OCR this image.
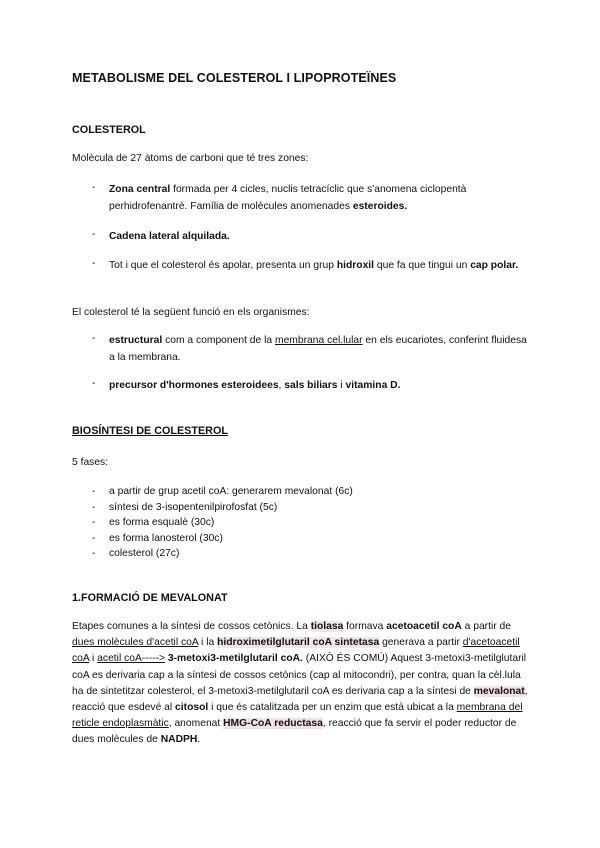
METABOLISME DEL COLESTEROL I LIPOPROTEÏNES
COLESTEROL
Molècula de 27 àtoms de carboni que té tres zones:
- Zona central formada per 4 cicles, nuclis tetracíclic que s'anomena ciclopentà perhidrofenantrè. Família de molècules anomenades esteroides.
- Cadena lateral alquilada.
- Tot i que el colesterol és apolar, presenta un grup hidroxil que fa que tingui un cap polar.
El colesterol té la següent funció en els organismes:
- estructural com a component de la membrana cel.lular en els eucariotes, conferint fluidesa a la membrana.
- precursor d'hormones esteroidees, sals biliars i vitamina D.
BIOSÍNTESI DE COLESTEROL
5 fases:
-	a partir de grup acetil coA: generarem mevalonat (6c)
-	síntesi de 3-isopentenilpirofosfat (5c)
-	es forma esqualè (30c)
-	es forma lanosterol (30c)
-	colesterol (27c)
1.FORMACIÓ DE MEVALONAT
Etapes comunes a la síntesi de cossos cetònics. La tiolasa formava acetoacetil coA a partir de dues molècules d'acetil coA i la hidroximetilglutaril coA sintetasa generava a partir d'acetoacetil coA i acetil coA-----> 3-metoxi3-metilglutaril coA. (AIXÒ ÉS COMÚ) Aquest 3-metoxi3-metilglutaril coA es derivaria cap a la síntesi de cossos cetònics (cap al mitocondri), per contra, quan la cèl.lula ha de sintetitzar colesterol, el 3-metoxi3-metilglutaril coA es derivaria cap a la síntesi de mevalonat, reacció que esdevé al citosol i que és catalitzada per un enzim que està ubicat a la membrana del reticle endoplasmàtic, anomenat HMG-CoA reductasa, reacció que fa servir el poder reductor de dues molècules de NADPH.
